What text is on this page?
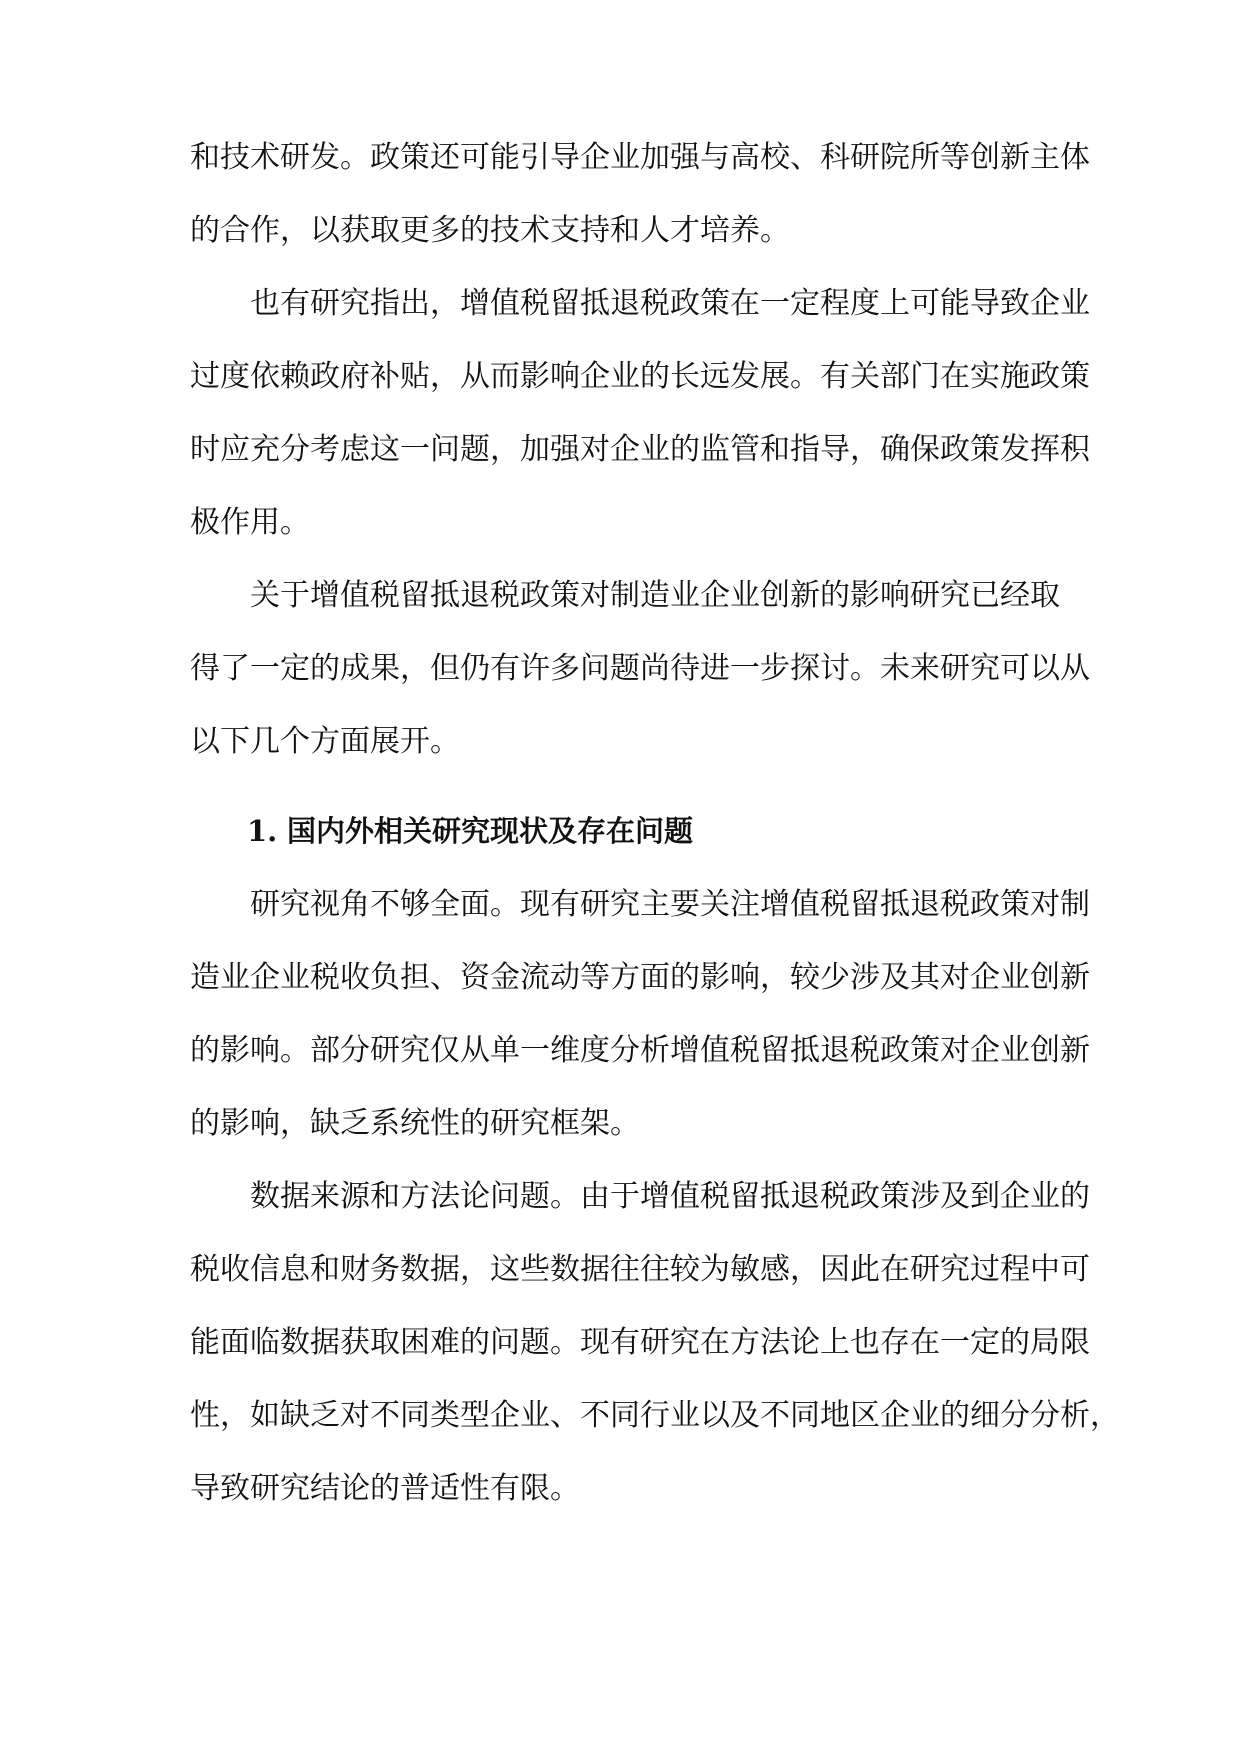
和技术研发。政策还可能引导企业加强与高校、科研院所等创新主体
的合作，以获取更多的技术支持和人才培养。
也有研究指出，增值税留抵退税政策在一定程度上可能导致企业
过度依赖政府补贴，从而影响企业的长远发展。有关部门在实施政策
时应充分考虑这一问题，加强对企业的监管和指导，确保政策发挥积
极作用。
关于增值税留抵退税政策对制造业企业创新的影响研究已经取
得了一定的成果，但仍有许多问题尚待进一步探讨。未来研究可以从
以下几个方面展开。
1. 国内外相关研究现状及存在问题
研究视角不够全面。现有研究主要关注增值税留抵退税政策对制
造业企业税收负担、资金流动等方面的影响，较少涉及其对企业创新
的影响。部分研究仅从单一维度分析增值税留抵退税政策对企业创新
的影响，缺乏系统性的研究框架。
数据来源和方法论问题。由于增值税留抵退税政策涉及到企业的
税收信息和财务数据，这些数据往往较为敏感，因此在研究过程中可
能面临数据获取困难的问题。现有研究在方法论上也存在一定的局限
性，如缺乏对不同类型企业、不同行业以及不同地区企业的细分分析，
导致研究结论的普适性有限。
